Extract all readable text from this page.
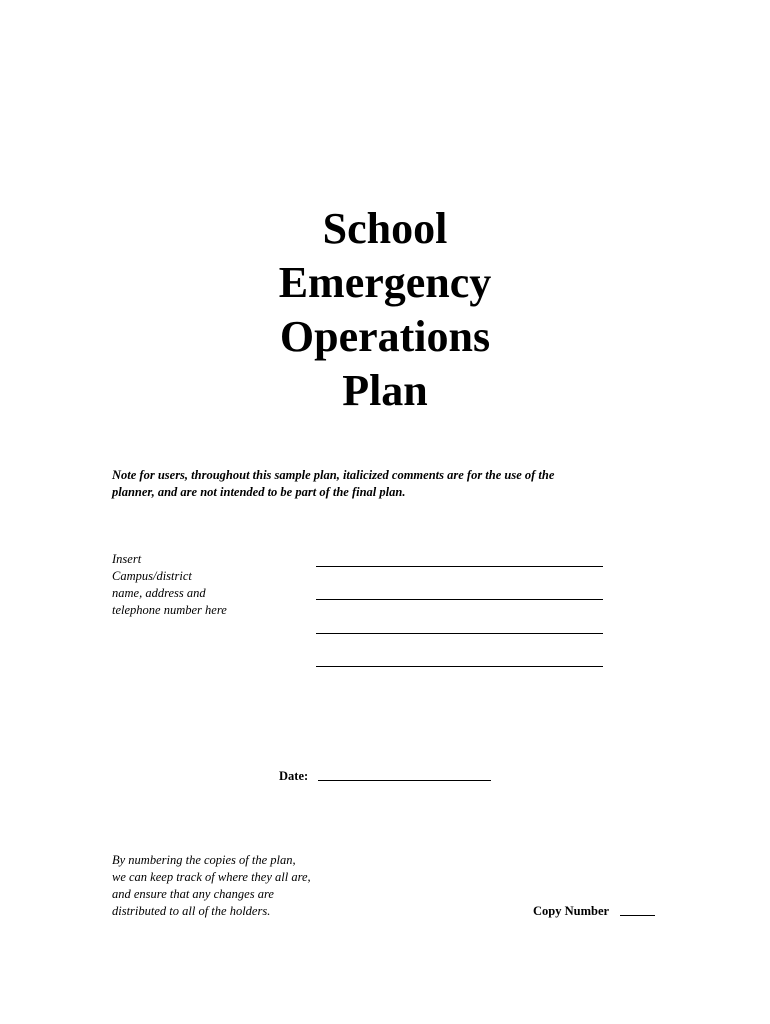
School
Emergency
Operations
Plan
Note for users, throughout this sample plan, italicized comments are for the use of the
planner, and are not intended to be part of the final plan.
Insert
Campus/district
name, address and
telephone number here
Date:
By numbering the copies of the plan,
we can keep track of where they all are,
and ensure that any changes are
distributed to all of the holders.	Copy Number
